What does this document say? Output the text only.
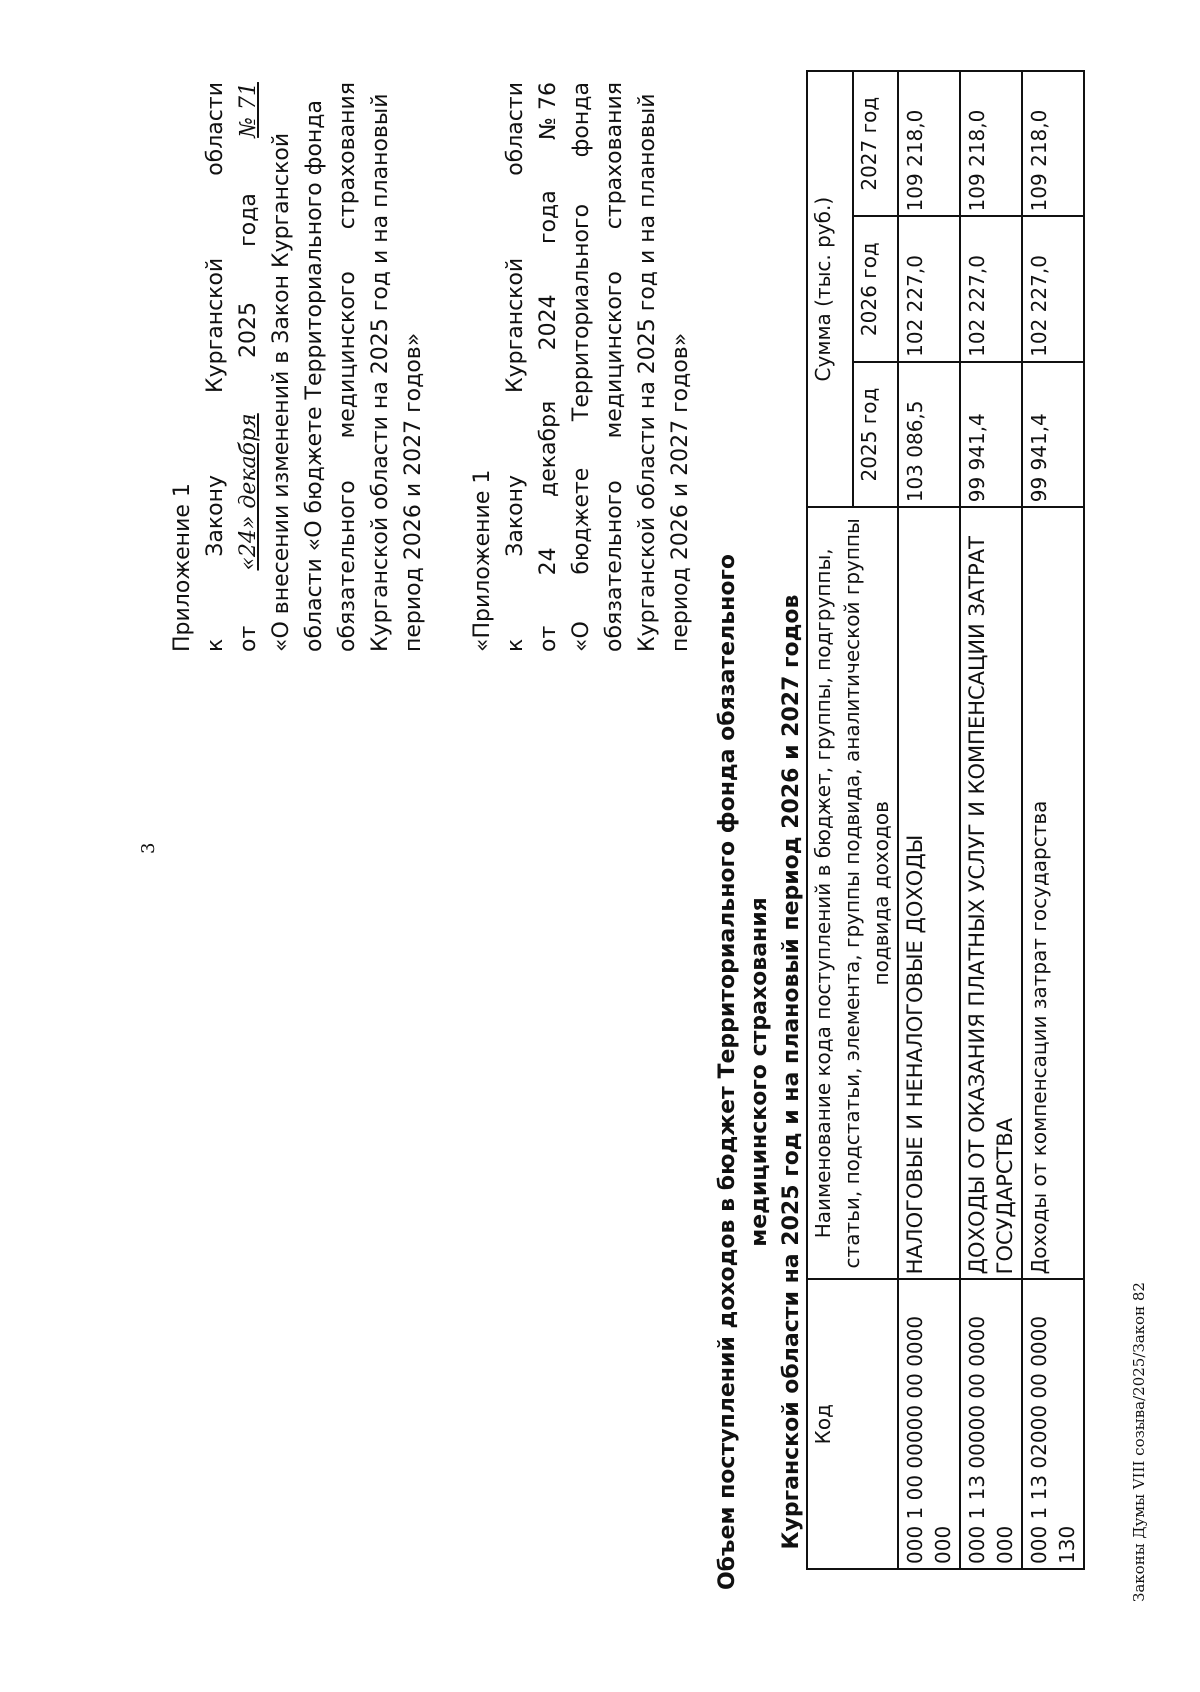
3
Приложение 1 к
Закону
Курганской
области
от
«24» декабря
2025
года
№ 71
«О внесении изменений в Закон Курганской области «О бюджете Территориального фонда обязательного
медицинского
страхования Курганской области на 2025 год и на плановый период 2026 и 2027 годов» «Приложение 1 к
Закону
Курганской
области
от
24
декабря
2024
года
№ 76
«О
бюджете
Территориального
фонда
обязательного
медицинского
страхования Курганской области на 2025 год и на плановый период 2026 и 2027 годов»
Объем поступлений доходов в бюджет Территориального фонда обязательного медицинского страхования Курганской области на 2025 год и на плановый период 2026 и 2027 годов Код	Наименование кода поступлений в бюджет, группы, подгруппы, статьи, подстатьи, элемента, группы подвида, аналитической группы подвида доходов	Сумма (тыс. руб.)		
		2025 год	2026 год	2027 год
000 1 00 00000 00 0000 000	НАЛОГОВЫЕ И НЕНАЛОГОВЫЕ ДОХОДЫ	103 086,5	102 227,0	109 218,0
000 1 13 00000 00 0000 000	ДОХОДЫ ОТ ОКАЗАНИЯ ПЛАТНЫХ УСЛУГ И КОМПЕНСАЦИИ ЗАТРАТ ГОСУДАРСТВА	99 941,4	102 227,0	109 218,0
000 1 13 02000 00 0000 130	Доходы от компенсации затрат государства	99 941,4	102 227,0	109 218,0
Законы Думы VIII созыва/2025/Закон 82
